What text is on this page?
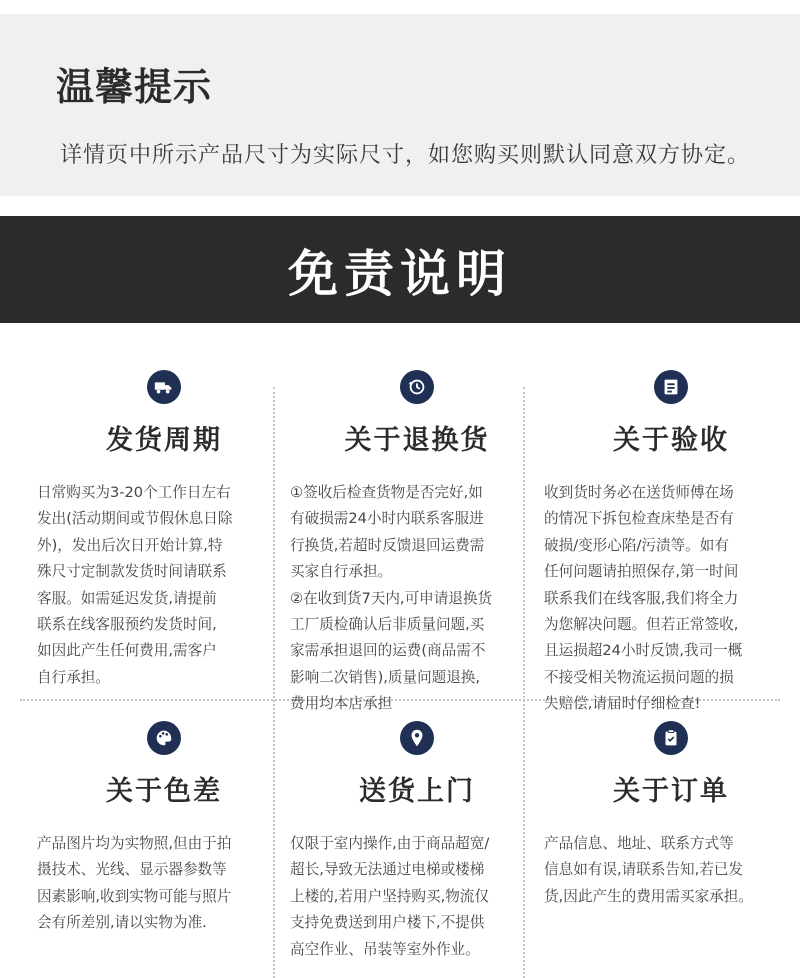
温馨提示
详情页中所示产品尺寸为实际尺寸，如您购买则默认同意双方协定。
免责说明
发货周期
日常购买为3-20个工作日左右
发出(活动期间或节假休息日除
外)，发出后次日开始计算,特
殊尺寸定制款发货时间请联系
客服。如需延迟发货,请提前
联系在线客服预约发货时间,
如因此产生任何费用,需客户
自行承担。
关于退换货
①签收后检查货物是否完好,如
有破损需24小时内联系客服进
行换货,若超时反馈退回运费需
买家自行承担。
②在收到货7天内,可申请退换货
工厂质检确认后非质量问题,买
家需承担退回的运费(商品需不
影响二次销售),质量问题退换,
费用均本店承担
关于验收
收到货时务必在送货师傅在场
的情况下拆包检查床垫是否有
破损/变形心陷/污渍等。如有
任何问题请拍照保存,第一时间
联系我们在线客服,我们将全力
为您解决问题。但若正常签收,
且运损超24小时反馈,我司一概
不接受相关物流运损问题的损
失赔偿,请届时仔细检查!
关于色差
产品图片均为实物照,但由于拍
摄技术、光线、显示器参数等
因素影响,收到实物可能与照片
会有所差别,请以实物为准.
送货上门
仅限于室内操作,由于商品超宽/
超长,导致无法通过电梯或楼梯
上楼的,若用户坚持购买,物流仅
支持免费送到用户楼下,不提供
高空作业、吊装等室外作业。
关于订单
产品信息、地址、联系方式等
信息如有误,请联系告知,若已发
货,因此产生的费用需买家承担。
